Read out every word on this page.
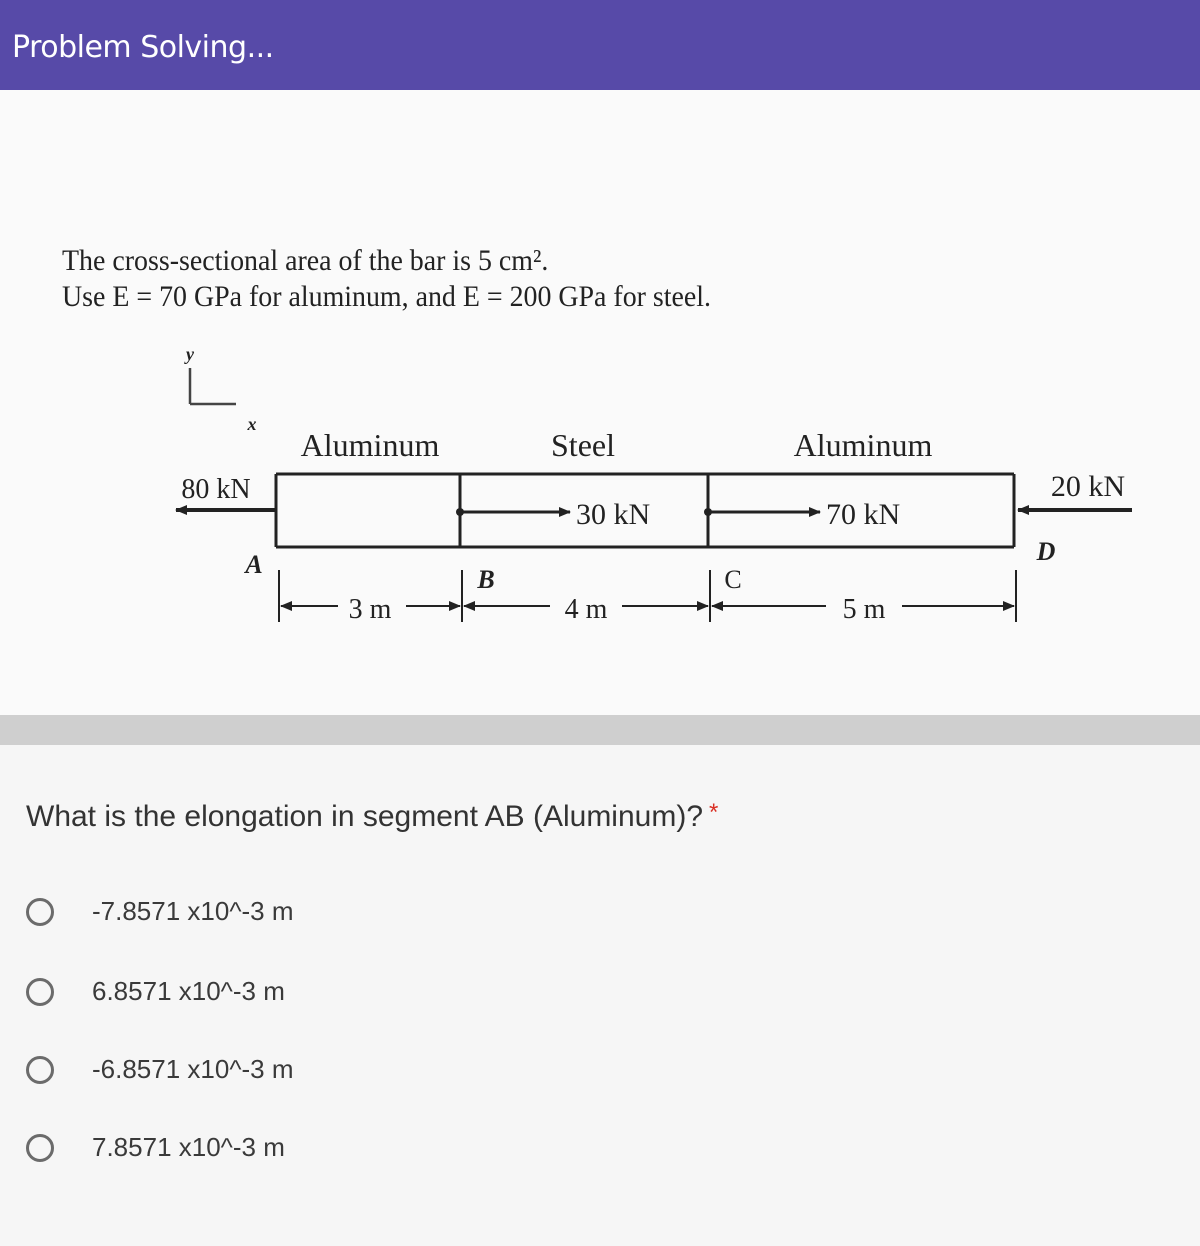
Problem Solving...
The cross-sectional area of the bar is 5 cm².
Use E = 70 GPa for aluminum, and E = 200 GPa for steel.
y
x
Aluminum	Steel	Aluminum
80 kN
30 kN	70 kN
20 kN
A
B	C
D
3 m	4 m	5 m
What is the elongation in segment AB (Aluminum)? *
-7.8571 x10^-3 m
6.8571 x10^-3 m
-6.8571 x10^-3 m
7.8571 x10^-3 m
